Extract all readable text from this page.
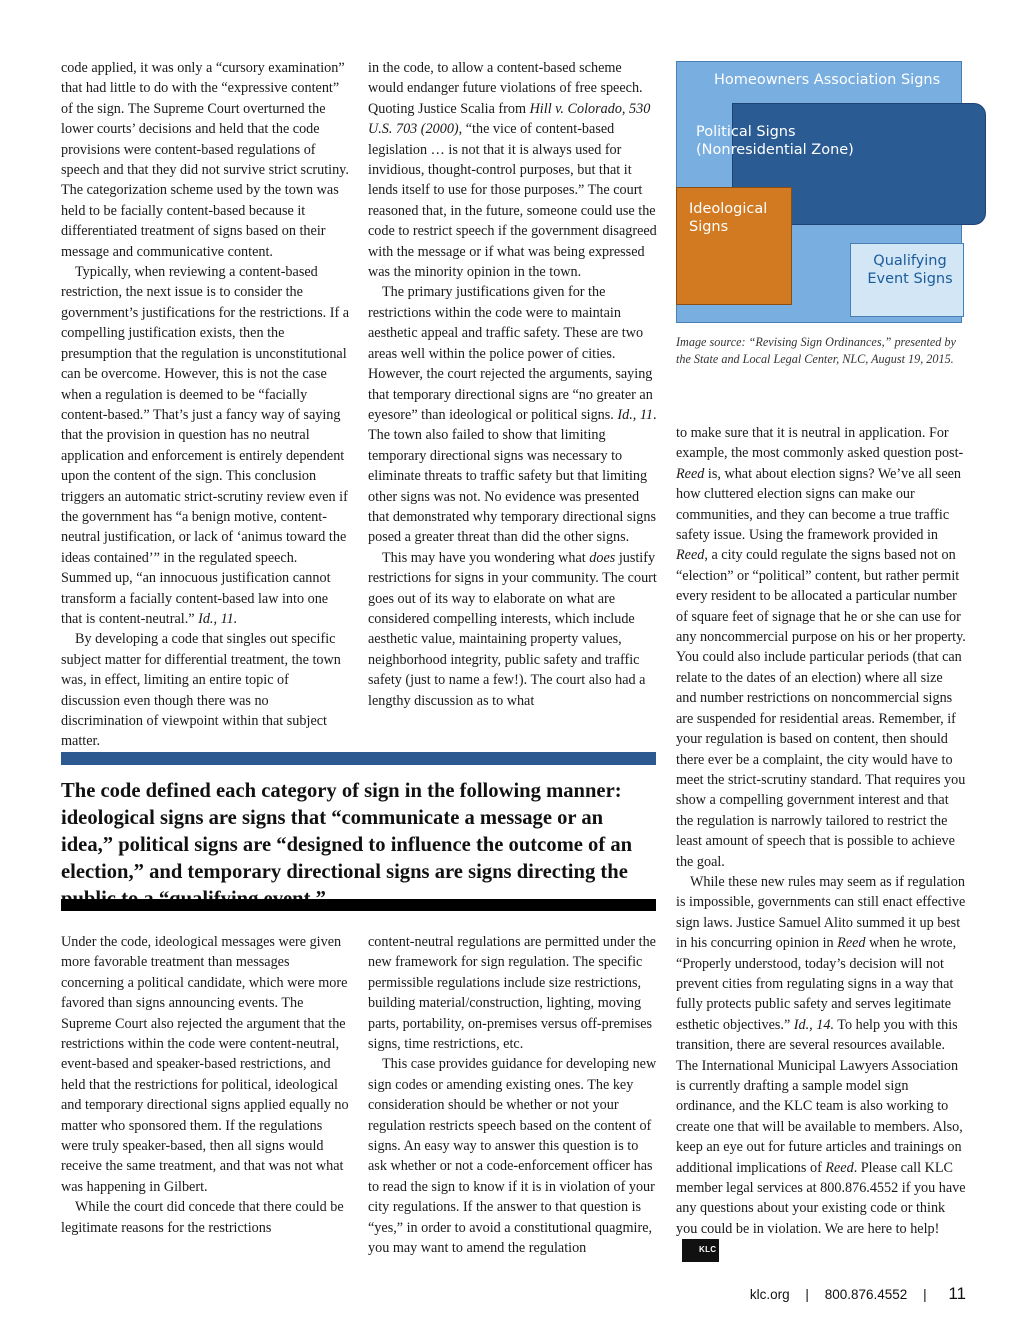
code applied, it was only a “cursory examination” that had little to do with the “expressive content” of the sign. The Supreme Court overturned the lower courts’ decisions and held that the code provisions were content-based regulations of speech and that they did not survive strict scrutiny. The categorization scheme used by the town was held to be facially content-based because it differentiated treatment of signs based on their message and communicative content.

Typically, when reviewing a content-based restriction, the next issue is to consider the government’s justifications for the restrictions. If a compelling justification exists, then the presumption that the regulation is unconstitutional can be overcome. However, this is not the case when a regulation is deemed to be “facially content-based.” That’s just a fancy way of saying that the provision in question has no neutral application and enforcement is entirely dependent upon the content of the sign. This conclusion triggers an automatic strict-scrutiny review even if the government has “a benign motive, content-neutral justification, or lack of ‘animus toward the ideas contained’” in the regulated speech. Summed up, “an innocuous justification cannot transform a facially content-based law into one that is content-neutral.” Id., 11.

By developing a code that singles out specific subject matter for differential treatment, the town was, in effect, limiting an entire topic of discussion even though there was no discrimination of viewpoint within that subject matter.

in the code, to allow a content-based scheme would endanger future violations of free speech. Quoting Justice Scalia from Hill v. Colorado, 530 U.S. 703 (2000), “the vice of content-based legislation … is not that it is always used for invidious, thought-control purposes, but that it lends itself to use for those purposes.” The court reasoned that, in the future, someone could use the code to restrict speech if the government disagreed with the message or if what was being expressed was the minority opinion in the town.

The primary justifications given for the restrictions within the code were to maintain aesthetic appeal and traffic safety. These are two areas well within the police power of cities. However, the court rejected the arguments, saying that temporary directional signs are “no greater an eyesore” than ideological or political signs. Id., 11. The town also failed to show that limiting temporary directional signs was necessary to eliminate threats to traffic safety but that limiting other signs was not. No evidence was presented that demonstrated why temporary directional signs posed a greater threat than did the other signs.

This may have you wondering what does justify restrictions for signs in your community. The court goes out of its way to elaborate on what are considered compelling interests, which include aesthetic value, maintaining property values, neighborhood integrity, public safety and traffic safety (just to name a few!). The court also had a lengthy discussion as to what

Homeowners Association Signs
Political Signs
(Nonresidential Zone)
Ideological
Signs
Qualifying
Event Signs
Image source: “Revising Sign Ordinances,” presented by the State and Local Legal Center, NLC, August 19, 2015.

to make sure that it is neutral in application. For example, the most commonly asked question post-Reed is, what about election signs? We’ve all seen how cluttered election signs can make our communities, and they can become a true traffic safety issue. Using the framework provided in Reed, a city could regulate the signs based not on “election” or “political” content, but rather permit every resident to be allocated a particular number of square feet of signage that he or she can use for any noncommercial purpose on his or her property. You could also include particular periods (that can relate to the dates of an election) where all size and number restrictions on noncommercial signs are suspended for residential areas. Remember, if your regulation is based on content, then should there ever be a complaint, the city would have to meet the strict-scrutiny standard. That requires you show a compelling government interest and that the regulation is narrowly tailored to restrict the least amount of speech that is possible to achieve the goal.

While these new rules may seem as if regulation is impossible, governments can still enact effective sign laws. Justice Samuel Alito summed it up best in his concurring opinion in Reed when he wrote, “Properly understood, today’s decision will not prevent cities from regulating signs in a way that fully protects public safety and serves legitimate esthetic objectives.” Id., 14. To help you with this transition, there are several resources available. The International Municipal Lawyers Association is currently drafting a sample model sign ordinance, and the KLC team is also working to create one that will be available to members. Also, keep an eye out for future articles and trainings on additional implications of Reed. Please call KLC member legal services at 800.876.4552 if you have any questions about your existing code or think you could be in violation. We are here to help!KLC

The code defined each category of sign in the following manner: ideological signs are signs that “communicate a message or an idea,” political signs are “designed to influence the outcome of an election,” and temporary directional signs are signs directing the

Under the code, ideological messages were given more favorable treatment than messages concerning a political candidate, which were more favored than signs announcing events. The Supreme Court also rejected the argument that the restrictions within the code were content-neutral, event-based and speaker-based restrictions, and held that the restrictions for political, ideological and temporary directional signs applied equally no matter who sponsored them. If the regulations were truly speaker-based, then all signs would receive the same treatment, and that was not what was happening in Gilbert.

While the court did concede that there could be legitimate reasons for the restrictions

content-neutral regulations are permitted under the new framework for sign regulation. The specific permissible regulations include size restrictions, building material/construction, lighting, moving parts, portability, on-premises versus off-premises signs, time restrictions, etc.

This case provides guidance for developing new sign codes or amending existing ones. The key consideration should be whether or not your regulation restricts speech based on the content of signs. An easy way to answer this question is to ask whether or not a code-enforcement officer has to read the sign to know if it is in violation of your city regulations. If the answer to that question is “yes,” in order to avoid a constitutional quagmire, you may want to amend the regulation

klc.org | 800.876.4552 | 11
